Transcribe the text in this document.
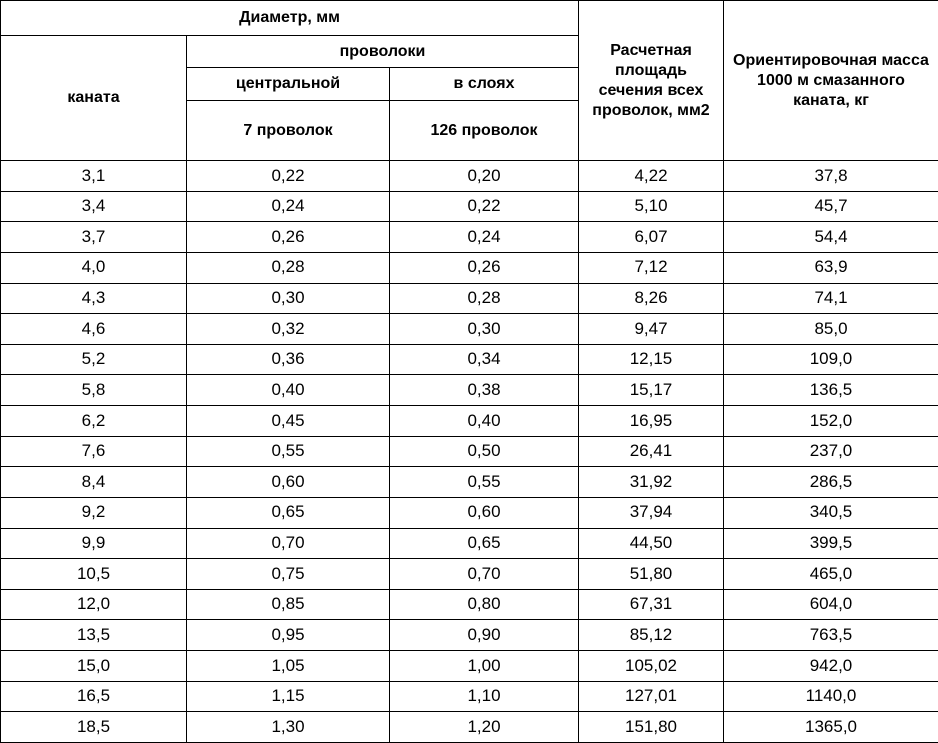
Диаметр, мм			Расчетная площадь сечения всех проволок, мм2	Ориентировочная масса 1000 м смазанного каната, кг
каната	проволоки			
	центральной	в слоях		
	7 проволок	126 проволок		
3,1	0,22	0,20	4,22	37,8
3,4	0,24	0,22	5,10	45,7
3,7	0,26	0,24	6,07	54,4
4,0	0,28	0,26	7,12	63,9
4,3	0,30	0,28	8,26	74,1
4,6	0,32	0,30	9,47	85,0
5,2	0,36	0,34	12,15	109,0
5,8	0,40	0,38	15,17	136,5
6,2	0,45	0,40	16,95	152,0
7,6	0,55	0,50	26,41	237,0
8,4	0,60	0,55	31,92	286,5
9,2	0,65	0,60	37,94	340,5
9,9	0,70	0,65	44,50	399,5
10,5	0,75	0,70	51,80	465,0
12,0	0,85	0,80	67,31	604,0
13,5	0,95	0,90	85,12	763,5
15,0	1,05	1,00	105,02	942,0
16,5	1,15	1,10	127,01	1140,0
18,5	1,30	1,20	151,80	1365,0
